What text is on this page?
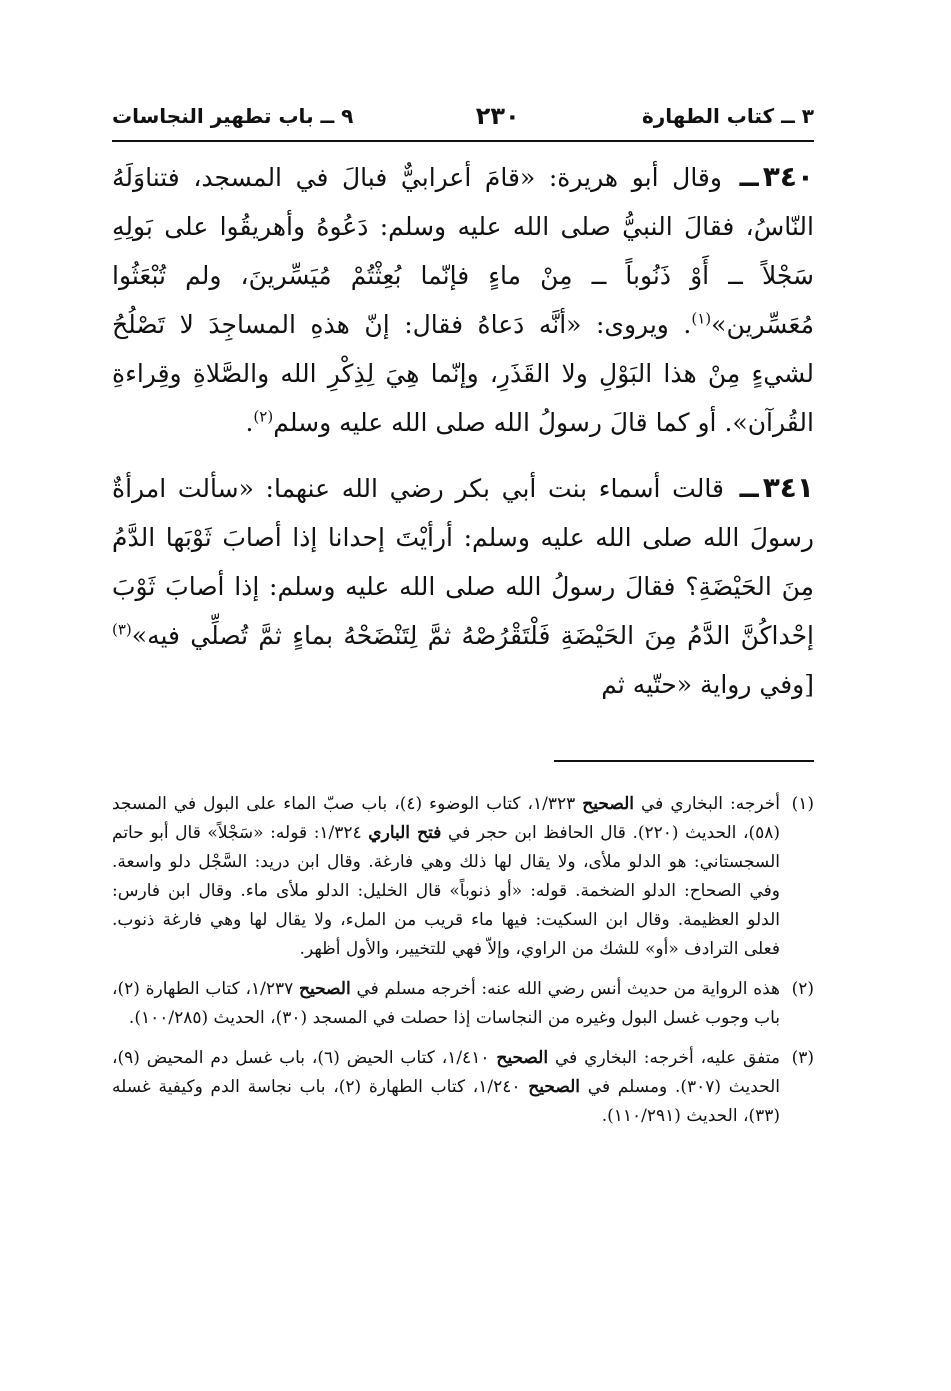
٣ ــ كتاب الطهارة
٢٣٠
٩ ــ باب تطهير النجاسات

٣٤٠ــ وقال أبو هريرة: «قامَ أعرابيٌّ فبالَ في المسجد، فتناوَلَهُ النّاسُ، فقالَ النبيُّ صلى الله عليه وسلم: دَعُوهُ وأهريقُوا على بَولِهِ سَجْلاً ــ أَوْ ذَنُوباً ــ مِنْ ماءٍ فإنّما بُعِثْتُمْ مُيَسِّرينَ، ولم تُبْعَثُوا مُعَسِّرين»$^{(١)}$. ويروى: «أنَّه دَعاهُ فقال: إنّ هذهِ المساجِدَ لا تَصْلُحُ لشيءٍ مِنْ هذا البَوْلِ ولا القَذَرِ، وإنّما هِيَ لِذِكْرِ الله والصَّلاةِ وقِراءةِ القُرآن». أو كما قالَ رسولُ الله صلى الله عليه وسلم$^{(٢)}$.

٣٤١ــ قالت أسماء بنت أبي بكر رضي الله عنهما: «سألت امرأةٌ رسولَ الله صلى الله عليه وسلم: أرأيْتَ إحدانا إذا أصابَ ثَوْبَها الدَّمُ مِنَ الحَيْضَةِ؟ فقالَ رسولُ الله صلى الله عليه وسلم: إذا أصابَ ثَوْبَ إحْداكُنَّ الدَّمُ مِنَ الحَيْضَةِ فَلْتَقْرُصْهُ ثمَّ لِتَنْضَحْهُ بماءٍ ثمَّ تُصلِّي فيه»$^{(٣)}$ [وفي رواية «حتّيه ثم

(١)
أخرجه: البخاري في الصحيح ١/٣٢٣، كتاب الوضوء (٤)، باب صبّ الماء على البول في المسجد (٥٨)، الحديث (٢٢٠). قال الحافظ ابن حجر في فتح الباري ١/٣٢٤: قوله: «سَجْلاً» قال أبو حاتم السجستاني: هو الدلو ملأى، ولا يقال لها ذلك وهي فارغة. وقال ابن دريد: السَّجْل دلو واسعة. وفي الصحاح: الدلو الضخمة. قوله: «أو ذنوباً» قال الخليل: الدلو ملأى ماء. وقال ابن فارس: الدلو العظيمة. وقال ابن السكيت: فيها ماء قريب من الملء، ولا يقال لها وهي فارغة ذنوب. فعلى الترادف «أو» للشك من الراوي، وإلاّ فهي للتخيير، والأول أظهر.
(٢)
هذه الرواية من حديث أنس رضي الله عنه: أخرجه مسلم في الصحيح ١/٢٣٧، كتاب الطهارة (٢)، باب وجوب غسل البول وغيره من النجاسات إذا حصلت في المسجد (٣٠)، الحديث (١٠٠/٢٨٥).
(٣)
متفق عليه، أخرجه: البخاري في الصحيح ١/٤١٠، كتاب الحيض (٦)، باب غسل دم المحيض (٩)، الحديث (٣٠٧). ومسلم في الصحيح ١/٢٤٠، كتاب الطهارة (٢)، باب نجاسة الدم وكيفية غسله (٣٣)، الحديث (١١٠/٢٩١).
